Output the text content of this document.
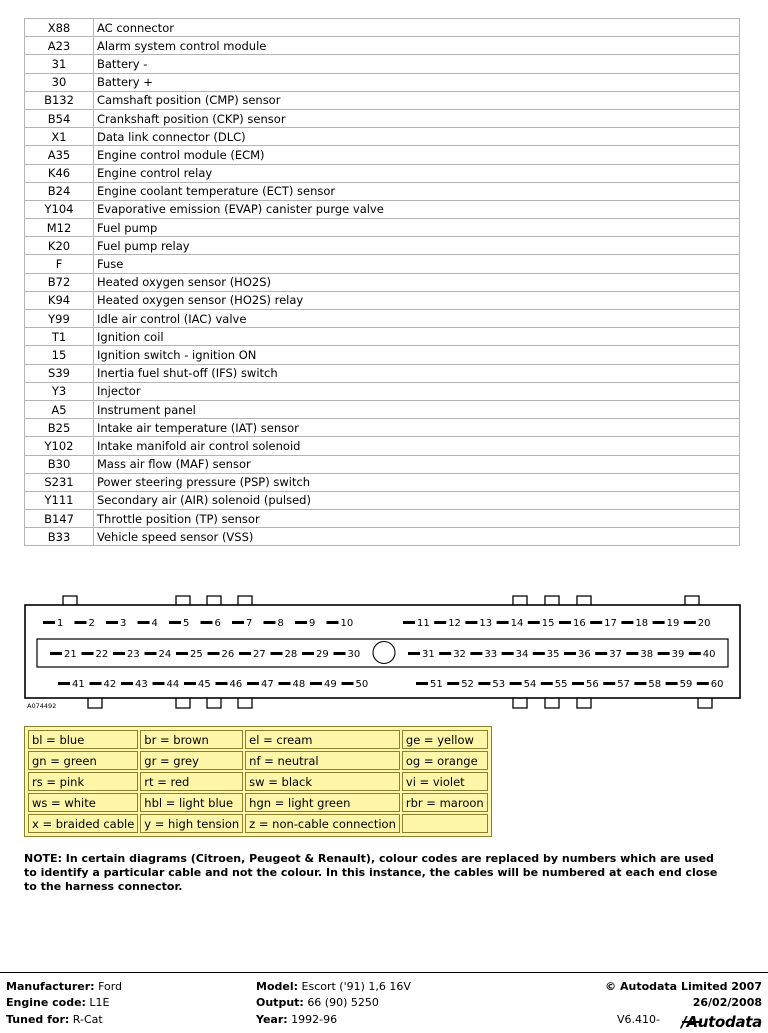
X88	AC connector
A23	Alarm system control module
31	Battery -
30	Battery +
B132	Camshaft position (CMP) sensor
B54	Crankshaft position (CKP) sensor
X1	Data link connector (DLC)
A35	Engine control module (ECM)
K46	Engine control relay
B24	Engine coolant temperature (ECT) sensor
Y104	Evaporative emission (EVAP) canister purge valve
M12	Fuel pump
K20	Fuel pump relay
F	Fuse
B72	Heated oxygen sensor (HO2S)
K94	Heated oxygen sensor (HO2S) relay
Y99	Idle air control (IAC) valve
T1	Ignition coil
15	Ignition switch - ignition ON
S39	Inertia fuel shut-off (IFS) switch
Y3	Injector
A5	Instrument panel
B25	Intake air temperature (IAT) sensor
Y102	Intake manifold air control solenoid
B30	Mass air flow (MAF) sensor
S231	Power steering pressure (PSP) switch
Y111	Secondary air (AIR) solenoid (pulsed)
B147	Throttle position (TP) sensor
B33	Vehicle speed sensor (VSS)
1	2	3	4	5	6	7	8	9	10	11 12 13 14 15 16 17 18 19 20
21 22 23 24 25 26 27 28 29 30	31 32 33 34 35 36 37 38 39 40
41 42 43 44 45 46 47 48 49 50	51 52 53 54 55 56 57 58 59 60
A074492
bl = blue	br = brown	el = cream	ge = yellow
gn = green	gr = grey	nf = neutral	og = orange
rs = pink	rt = red	sw = black	vi = violet
ws = white	hbl = light blue	hgn = light green	rbr = maroon
x = braided cable	y = high tension	z = non-cable connection	
NOTE: In certain diagrams (Citroen, Peugeot & Renault), colour codes are replaced by numbers which are used to identify a particular cable and not the colour. In this instance, the cables will be numbered at each end close to the harness connector.
Manufacturer: Ford
Engine code: L1E
Tuned for: R-Cat
Model: Escort ('91) 1,6 16V
Output: 66 (90) 5250
Year: 1992-96
© Autodata Limited 2007
26/02/2008
V6.410- /Autodata
